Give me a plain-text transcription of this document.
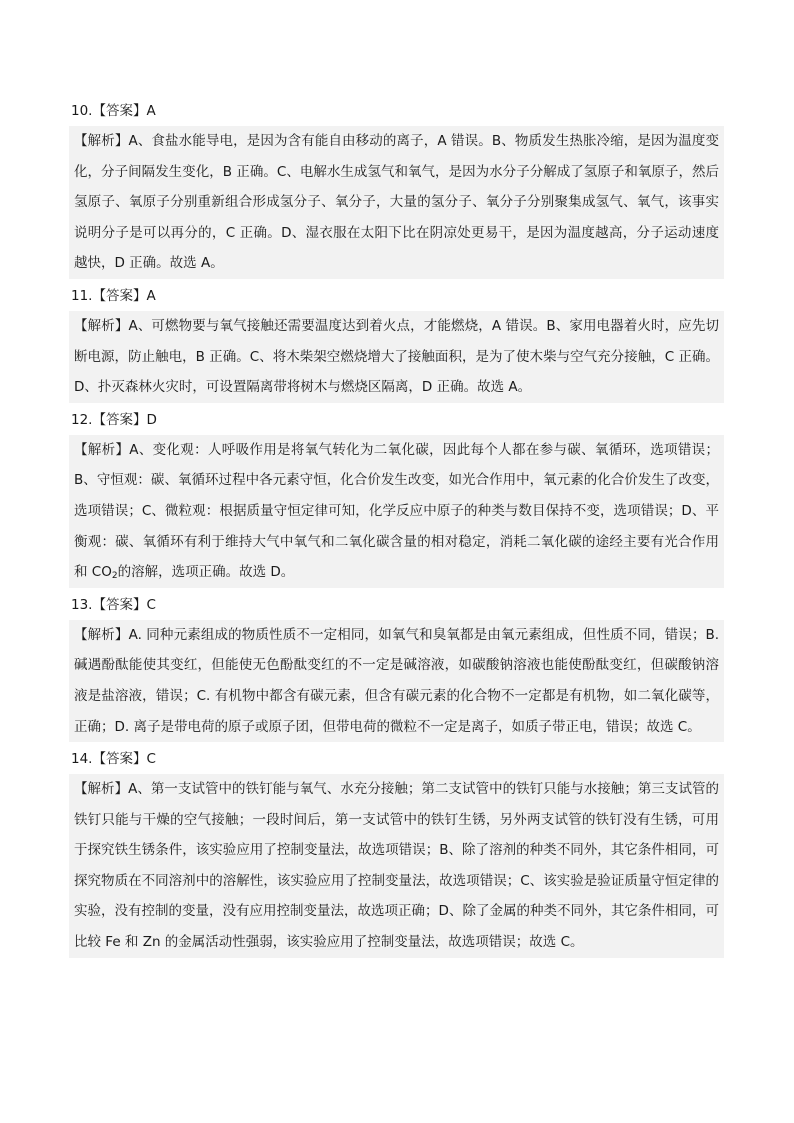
10.【答案】A

【解析】A、食盐水能导电，是因为含有能自由移动的离子，A 错误。B、物质发生热胀冷缩，是因为温度变化，分子间隔发生变化，B 正确。C、电解水生成氢气和氧气，是因为水分子分解成了氢原子和氧原子，然后氢原子、氧原子分别重新组合形成氢分子、氧分子，大量的氢分子、氧分子分别聚集成氢气、氧气，该事实说明分子是可以再分的，C 正确。D、湿衣服在太阳下比在阴凉处更易干，是因为温度越高，分子运动速度越快，D 正确。故选 A。

11.【答案】A

【解析】A、可燃物要与氧气接触还需要温度达到着火点，才能燃烧，A 错误。B、家用电器着火时，应先切断电源，防止触电，B 正确。C、将木柴架空燃烧增大了接触面积，是为了使木柴与空气充分接触，C 正确。D、扑灭森林火灾时，可设置隔离带将树木与燃烧区隔离，D 正确。故选 A。

12.【答案】D

【解析】A、变化观：人呼吸作用是将氧气转化为二氧化碳，因此每个人都在参与碳、氧循环，选项错误；B、守恒观：碳、氧循环过程中各元素守恒，化合价发生改变，如光合作用中，氧元素的化合价发生了改变，选项错误；C、微粒观：根据质量守恒定律可知，化学反应中原子的种类与数目保持不变，选项错误；D、平衡观：碳、氧循环有利于维持大气中氧气和二氧化碳含量的相对稳定，消耗二氧化碳的途经主要有光合作用和 $CO_2$的溶解，选项正确。故选 D。

13.【答案】C

【解析】A. 同种元素组成的物质性质不一定相同，如氧气和臭氧都是由氧元素组成，但性质不同，错误；B. 碱遇酚酞能使其变红，但能使无色酚酞变红的不一定是碱溶液，如碳酸钠溶液也能使酚酞变红，但碳酸钠溶液是盐溶液，错误；C. 有机物中都含有碳元素，但含有碳元素的化合物不一定都是有机物，如二氧化碳等，正确；D. 离子是带电荷的原子或原子团，但带电荷的微粒不一定是离子，如质子带正电，错误；故选 C。

14.【答案】C

【解析】A、第一支试管中的铁钉能与氧气、水充分接触；第二支试管中的铁钉只能与水接触；第三支试管的铁钉只能与干燥的空气接触；一段时间后，第一支试管中的铁钉生锈，另外两支试管的铁钉没有生锈，可用于探究铁生锈条件，该实验应用了控制变量法，故选项错误；B、除了溶剂的种类不同外，其它条件相同，可探究物质在不同溶剂中的溶解性，该实验应用了控制变量法，故选项错误；C、该实验是验证质量守恒定律的实验，没有控制的变量，没有应用控制变量法，故选项正确；D、除了金属的种类不同外，其它条件相同，可比较 Fe 和 Zn 的金属活动性强弱，该实验应用了控制变量法，故选项错误；故选 C。
